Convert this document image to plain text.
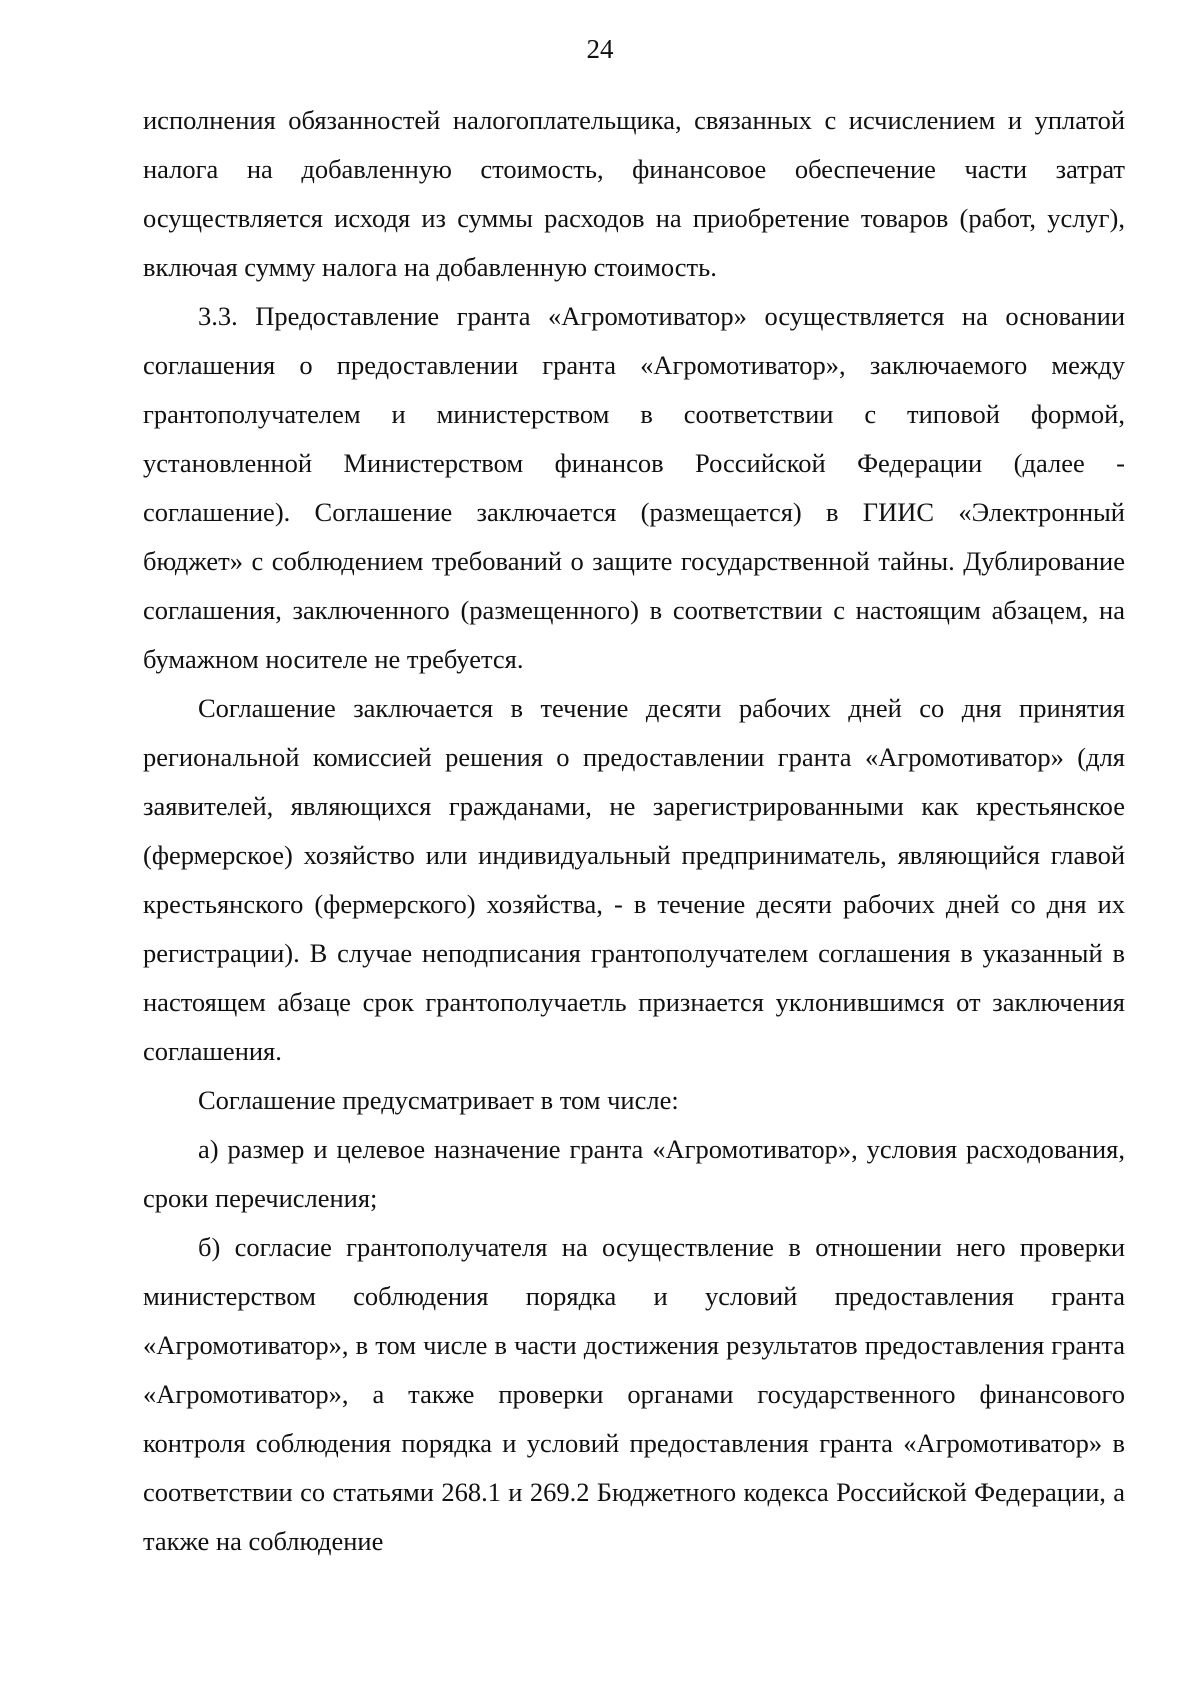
24

исполнения обязанностей налогоплательщика, связанных с исчислением и уплатой налога на добавленную стоимость, финансовое обеспечение части затрат осуществляется исходя из суммы расходов на приобретение товаров (работ, услуг), включая сумму налога на добавленную стоимость.

3.3. Предоставление гранта «Агромотиватор» осуществляется на основании соглашения о предоставлении гранта «Агромотиватор», заключаемого между грантополучателем и министерством в соответствии с типовой формой, установленной Министерством финансов Российской Федерации (далее - соглашение). Соглашение заключается (размещается) в ГИИС «Электронный бюджет» с соблюдением требований о защите государственной тайны. Дублирование соглашения, заключенного (размещенного) в соответствии с настоящим абзацем, на бумажном носителе не требуется.

Соглашение заключается в течение десяти рабочих дней со дня принятия региональной комиссией решения о предоставлении гранта «Агромотиватор» (для заявителей, являющихся гражданами, не зарегистрированными как крестьянское (фермерское) хозяйство или индивидуальный предприниматель, являющийся главой крестьянского (фермерского) хозяйства, - в течение десяти рабочих дней со дня их регистрации). В случае неподписания грантополучателем соглашения в указанный в настоящем абзаце срок грантополучаетль признается уклонившимся от заключения соглашения.

Соглашение предусматривает в том числе:

а) размер и целевое назначение гранта «Агромотиватор», условия расходования, сроки перечисления;

б) согласие грантополучателя на осуществление в отношении него проверки министерством соблюдения порядка и условий предоставления гранта «Агромотиватор», в том числе в части достижения результатов предоставления гранта «Агромотиватор», а также проверки органами государственного финансового контроля соблюдения порядка и условий предоставления гранта «Агромотиватор» в соответствии со статьями 268.1 и 269.2 Бюджетного кодекса Российской Федерации, а также на соблюдение
